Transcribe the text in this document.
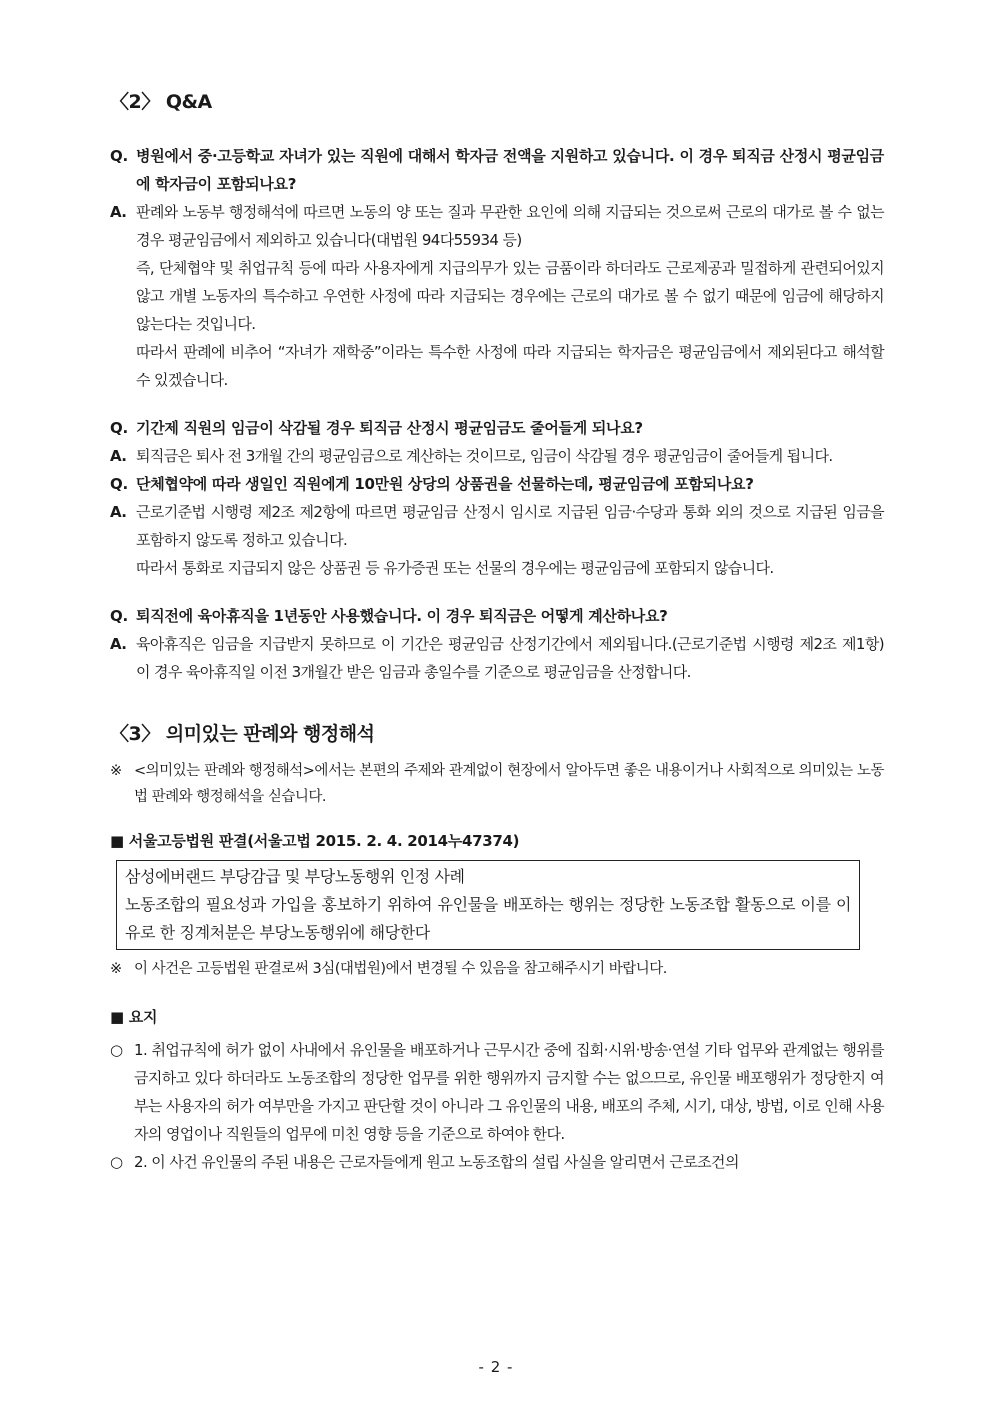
〈2〉 Q&A
Q. 병원에서 중·고등학교 자녀가 있는 직원에 대해서 학자금 전액을 지원하고 있습니다. 이 경우 퇴직금 산정시 평균임금에 학자금이 포함되나요?

A. 판례와 노동부 행정해석에 따르면 노동의 양 또는 질과 무관한 요인에 의해 지급되는 것으로써 근로의 대가로 볼 수 없는 경우 평균임금에서 제외하고 있습니다(대법원 94다55934 등)

즉, 단체협약 및 취업규칙 등에 따라 사용자에게 지급의무가 있는 금품이라 하더라도 근로제공과 밀접하게 관련되어있지 않고 개별 노동자의 특수하고 우연한 사정에 따라 지급되는 경우에는 근로의 대가로 볼 수 없기 때문에 임금에 해당하지 않는다는 것입니다.

따라서 판례에 비추어 “자녀가 재학중”이라는 특수한 사정에 따라 지급되는 학자금은 평균임금에서 제외된다고 해석할 수 있겠습니다.

Q. 기간제 직원의 임금이 삭감될 경우 퇴직금 산정시 평균임금도 줄어들게 되나요?

A. 퇴직금은 퇴사 전 3개월 간의 평균임금으로 계산하는 것이므로, 임금이 삭감될 경우 평균임금이 줄어들게 됩니다.

Q. 단체협약에 따라 생일인 직원에게 10만원 상당의 상품권을 선물하는데, 평균임금에 포함되나요?

A. 근로기준법 시행령 제2조 제2항에 따르면 평균임금 산정시 임시로 지급된 임금·수당과 통화 외의 것으로 지급된 임금을 포함하지 않도록 정하고 있습니다.

따라서 통화로 지급되지 않은 상품권 등 유가증권 또는 선물의 경우에는 평균임금에 포함되지 않습니다.

Q. 퇴직전에 육아휴직을 1년동안 사용했습니다. 이 경우 퇴직금은 어떻게 계산하나요?

A. 육아휴직은 임금을 지급받지 못하므로 이 기간은 평균임금 산정기간에서 제외됩니다.(근로기준법 시행령 제2조 제1항) 이 경우 육아휴직일 이전 3개월간 받은 임금과 총일수를 기준으로 평균임금을 산정합니다.

〈3〉 의미있는 판례와 행정해석
※ <의미있는 판례와 행정해석>에서는 본편의 주제와 관계없이 현장에서 알아두면 좋은 내용이거나 사회적으로 의미있는 노동법 판례와 행정해석을 싣습니다.
■ 서울고등법원 판결(서울고법 2015. 2. 4. 2014누47374)
삼성에버랜드 부당감급 및 부당노동행위 인정 사례
노동조합의 필요성과 가입을 홍보하기 위하여 유인물을 배포하는 행위는 정당한 노동조합 활동으로 이를 이유로 한 징계처분은 부당노동행위에 해당한다
※ 이 사건은 고등법원 판결로써 3심(대법원)에서 변경될 수 있음을 참고해주시기 바랍니다.
■ 요지
○ 1. 취업규칙에 허가 없이 사내에서 유인물을 배포하거나 근무시간 중에 집회·시위·방송·연설 기타 업무와 관계없는 행위를 금지하고 있다 하더라도 노동조합의 정당한 업무를 위한 행위까지 금지할 수는 없으므로, 유인물 배포행위가 정당한지 여부는 사용자의 허가 여부만을 가지고 판단할 것이 아니라 그 유인물의 내용, 배포의 주체, 시기, 대상, 방법, 이로 인해 사용자의 영업이나 직원들의 업무에 미친 영향 등을 기준으로 하여야 한다.
○ 2. 이 사건 유인물의 주된 내용은 근로자들에게 원고 노동조합의 설립 사실을 알리면서 근로조건의
- 2 -
